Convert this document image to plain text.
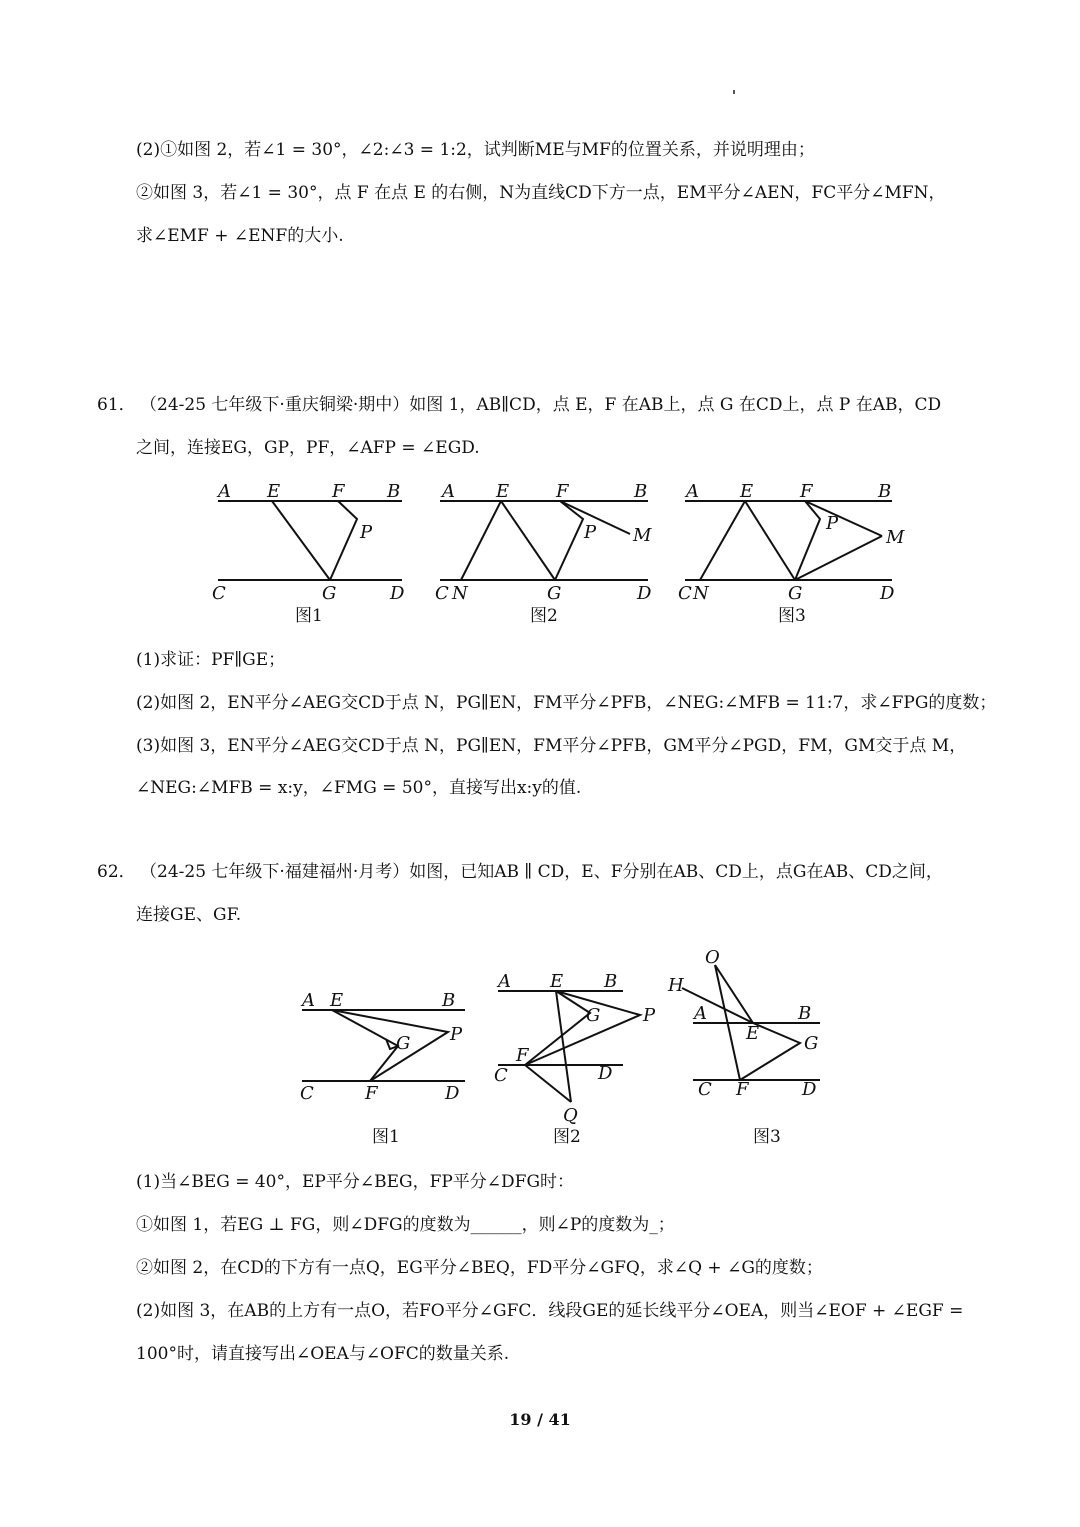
(2)①如图 2，若∠1 = 30°，∠2:∠3 = 1:2，试判断ME与MF的位置关系，并说明理由；
②如图 3，若∠1 = 30°，点 F 在点 E 的右侧，N为直线CD下方一点，EM平分∠AEN，FC平分∠MFN，
求∠EMF + ∠ENF的大小.
61． （24-25 七年级下·重庆铜梁·期中）如图 1，AB∥CD，点 E，F 在AB上，点 G 在CD上，点 P 在AB，CD
之间，连接EG，GP，PF，∠AFP = ∠EGD.
A E	F B
P
C	G	D
图1
A E	F	B
P M
C N	G	D
图2
A E	F	B
P
M
C N	G	D
图3
(1)求证：PF∥GE；
(2)如图 2，EN平分∠AEG交CD于点 N，PG∥EN，FM平分∠PFB，∠NEG:∠MFB = 11:7，求∠FPG的度数；
(3)如图 3，EN平分∠AEG交CD于点 N，PG∥EN，FM平分∠PFB，GM平分∠PGD，FM，GM交于点 M，
∠NEG:∠MFB = x:y，∠FMG = 50°，直接写出x:y的值.
62． （24-25 七年级下·福建福州·月考）如图，已知AB ∥ CD，E、F分别在AB、CD上，点G在AB、CD之间，
连接GE、GF.
A E	B
G P
C	F	D
图1
A E B
G P
F
C	D
Q
图2
O
H
A	B
E G
C F	D
图3
(1)当∠BEG = 40°，EP平分∠BEG，FP平分∠DFG时：
①如图 1，若EG ⊥ FG，则∠DFG的度数为______，则∠P的度数为_；
②如图 2，在CD的下方有一点Q，EG平分∠BEQ，FD平分∠GFQ，求∠Q + ∠G的度数；
(2)如图 3，在AB的上方有一点O，若FO平分∠GFC．线段GE的延长线平分∠OEA，则当∠EOF + ∠EGF =
100°时，请直接写出∠OEA与∠OFC的数量关系.
19 / 41
